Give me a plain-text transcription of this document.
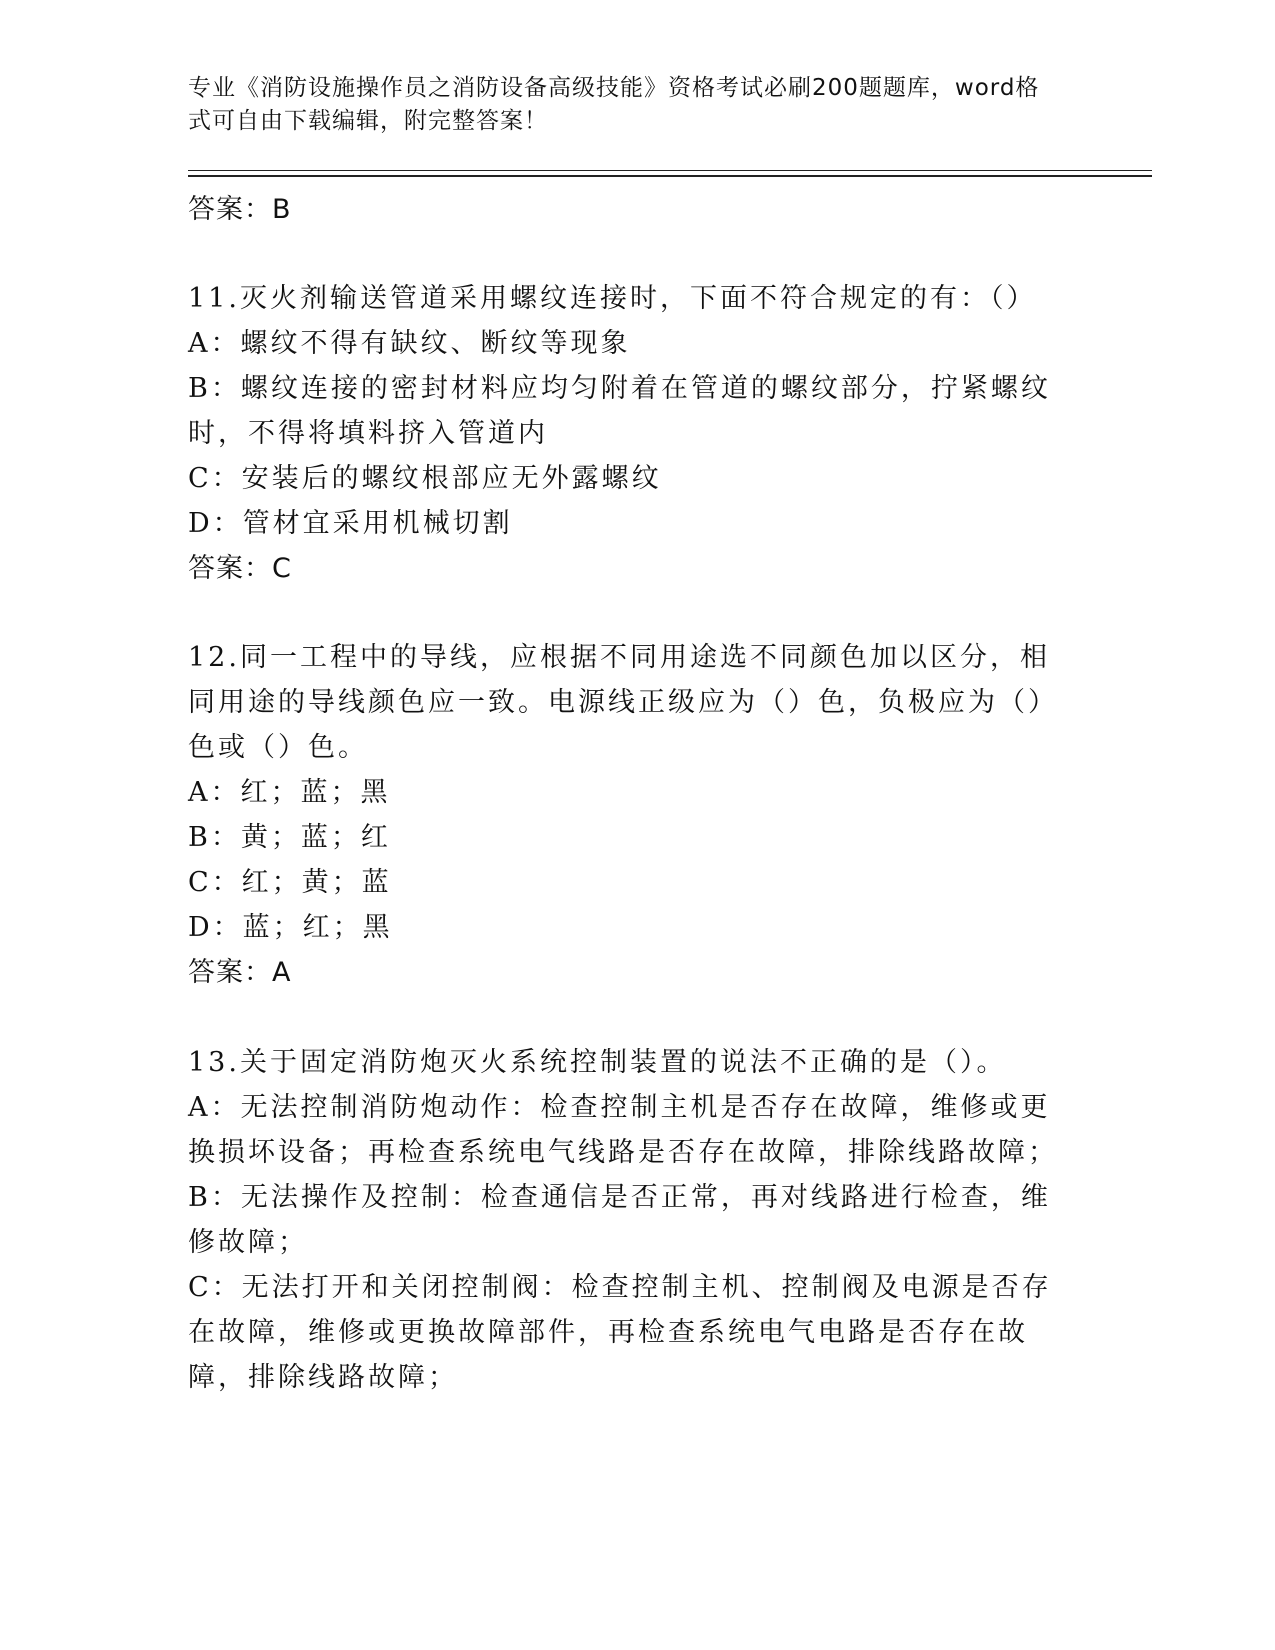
专业《消防设施操作员之消防设备高级技能》资格考试必刷200题题库，word格
式可自由下载编辑，附完整答案！
答案：B

11.灭火剂输送管道采用螺纹连接时，下面不符合规定的有：（）

A：螺纹不得有缺纹、断纹等现象

B：螺纹连接的密封材料应均匀附着在管道的螺纹部分，拧紧螺纹时，不得将填料挤入管道内

C：安装后的螺纹根部应无外露螺纹

D：管材宜采用机械切割

答案：C

12.同一工程中的导线，应根据不同用途选不同颜色加以区分，相同用途的导线颜色应一致。电源线正级应为（）色，负极应为（）色或（）色。

A：红；蓝；黑

B：黄；蓝；红

C：红；黄；蓝

D：蓝；红；黑

答案：A

13.关于固定消防炮灭火系统控制装置的说法不正确的是（）。

A：无法控制消防炮动作：检查控制主机是否存在故障，维修或更换损坏设备；再检查系统电气线路是否存在故障，排除线路故障；

B：无法操作及控制：检查通信是否正常，再对线路进行检查，维修故障；

C：无法打开和关闭控制阀：检查控制主机、控制阀及电源是否存在故障，维修或更换故障部件，再检查系统电气电路是否存在故障，排除线路故障；
